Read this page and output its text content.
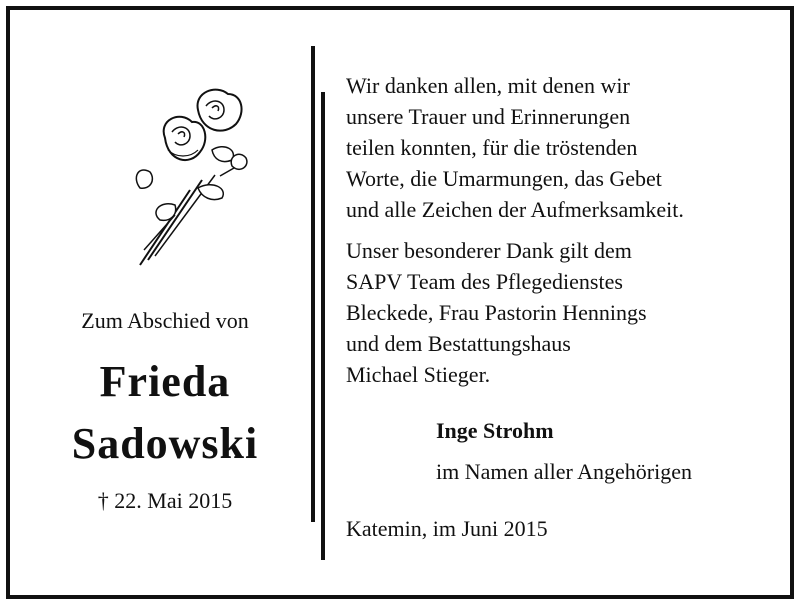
Zum Abschied von
Frieda
Sadowski
† 22. Mai 2015
Wir danken allen, mit denen wir
unsere Trauer und Erinnerungen
teilen konnten, für die tröstenden
Worte, die Umarmungen, das Gebet
und alle Zeichen der Aufmerksamkeit.
Unser besonderer Dank gilt dem
SAPV Team des Pflegedienstes
Bleckede, Frau Pastorin Hennings
und dem Bestattungshaus
Michael Stieger.
Inge Strohm
im Namen aller Angehörigen
Katemin, im Juni 2015
